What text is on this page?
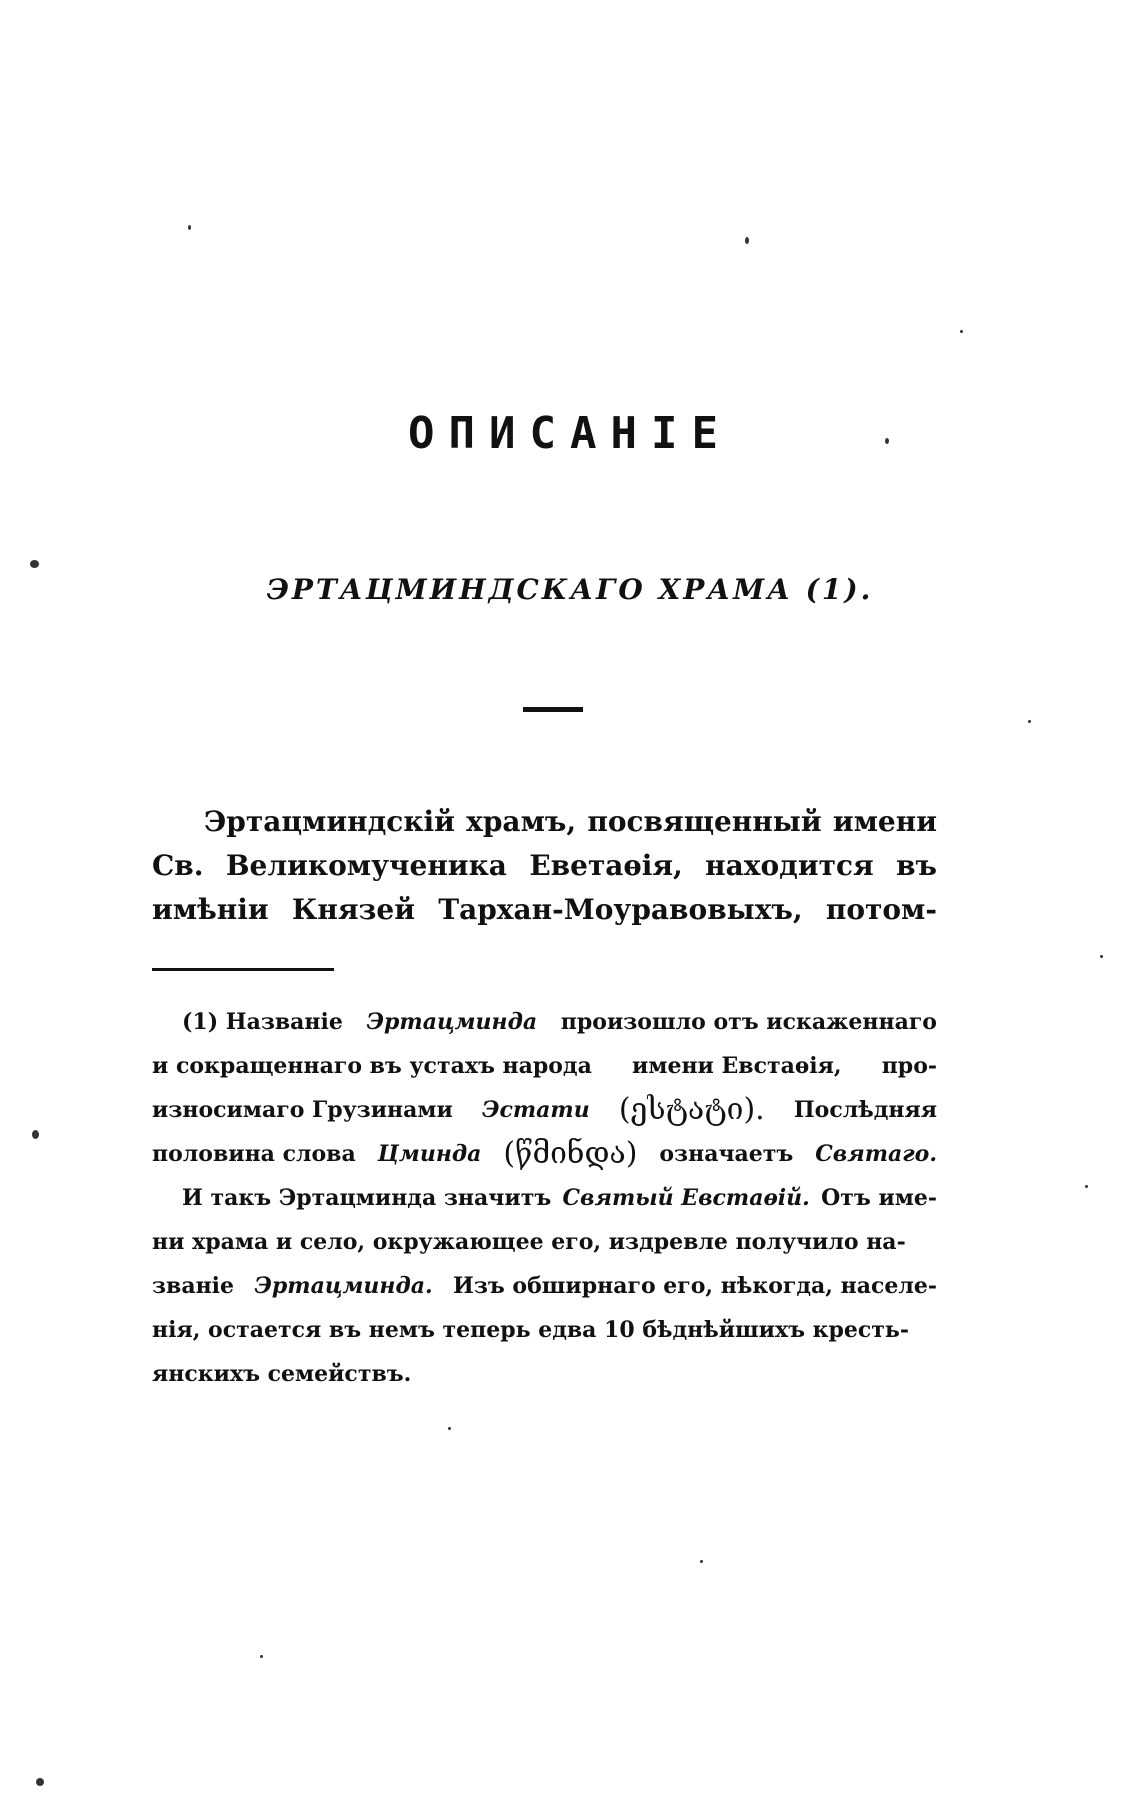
ОПИСАНІЕ
ЭРТАЦМИНДСКАГО ХРАМА (1).
Эртацминдскій храмъ, посвященный имени
Св. Великомученика Еветаѳія, находится въ
имѣніи Князей Тархан-Моуравовыхъ, потом-
(1) Названіе Эртацминда произошло отъ искаженнаго
и сокращеннаго въ устахъ народа имени Евстаѳія, про-
износимаго Грузинами Эстати (ესტატი). Послѣдняя
половина слова Цминда (წმინდა) означаетъ Святаго.
И такъ Эртацминда значитъ Святый Евстаѳій. Отъ име-
ни храма и село, окружающее его, издревле получило на-
званіе Эртацминда. Изъ обширнаго его, нѣкогда, населе-
нія, остается въ немъ теперь едва 10 бѣднѣйшихъ кресть-
янскихъ семействъ.
